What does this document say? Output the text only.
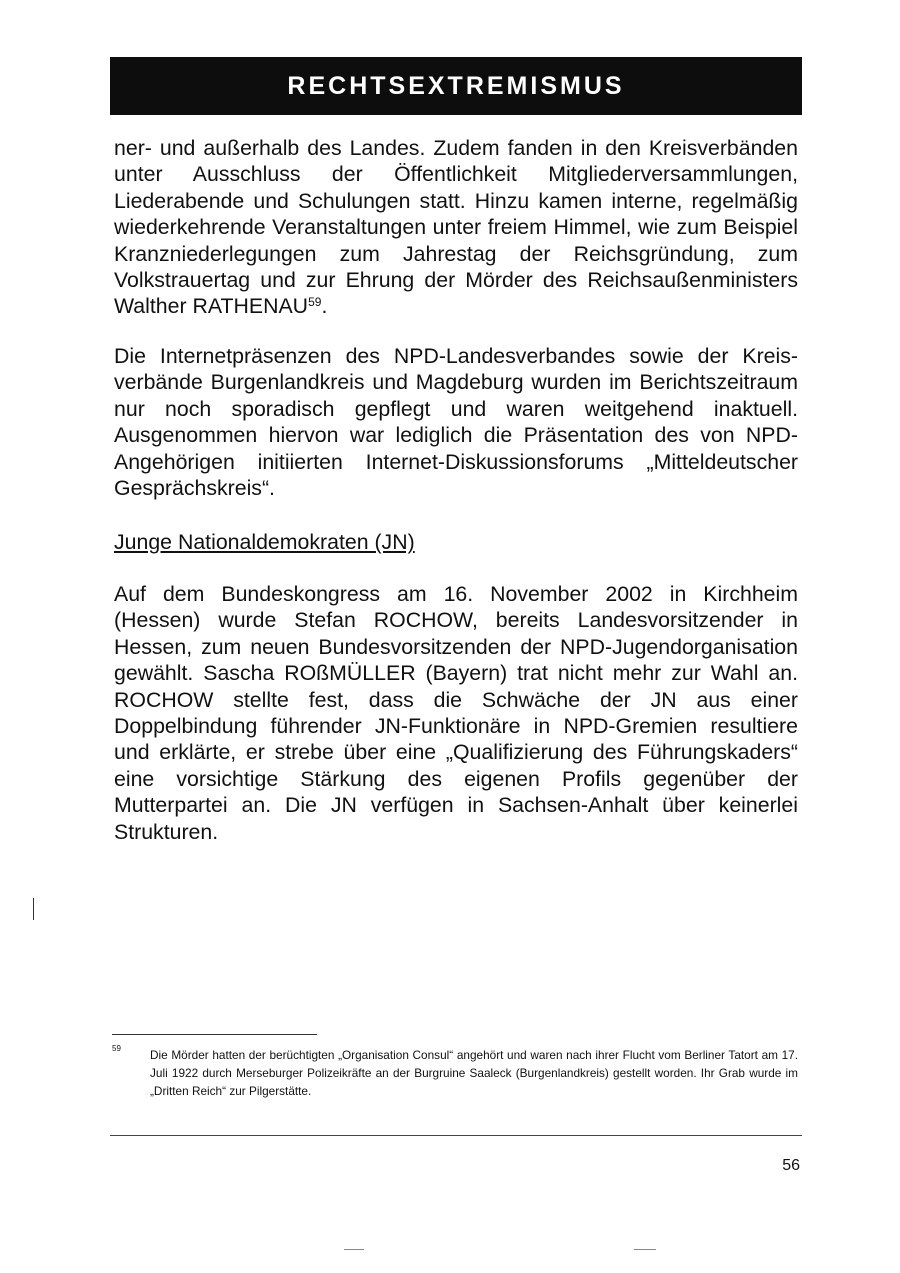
RECHTSEXTREMISMUS

ner- und außerhalb des Landes. Zudem fanden in den Kreisverbänden unter Ausschluss der Öffentlichkeit Mitgliederversammlungen, Liederabende und Schulungen statt. Hinzu kamen interne, regelmäßig wiederkehrende Veranstaltungen unter freiem Himmel, wie zum Beispiel Kranzniederlegungen zum Jahrestag der Reichsgründung, zum Volkstrauertag und zur Ehrung der Mörder des Reichsaußenministers Walther RATHENAU$^{59}$.

Die Internetpräsenzen des NPD-Landesverbandes sowie der Kreisverbände Burgenlandkreis und Magdeburg wurden im Berichtszeitraum nur noch sporadisch gepflegt und waren weitgehend inaktuell. Ausgenommen hiervon war lediglich die Präsentation des von NPD-Angehörigen initiierten Internet-Diskussionsforums „Mitteldeutscher Gesprächskreis“.

Junge Nationaldemokraten (JN)

Auf dem Bundeskongress am 16. November 2002 in Kirchheim (Hessen) wurde Stefan ROCHOW, bereits Landesvorsitzender in Hessen, zum neuen Bundesvorsitzenden der NPD-Jugendorganisation gewählt. Sascha ROßMÜLLER (Bayern) trat nicht mehr zur Wahl an. ROCHOW stellte fest, dass die Schwäche der JN aus einer Doppelbindung führender JN-Funktionäre in NPD-Gremien resultiere und erklärte, er strebe über eine „Qualifizierung des Führungskaders“ eine vorsichtige Stärkung des eigenen Profils gegenüber der Mutterpartei an. Die JN verfügen in Sachsen-Anhalt über keinerlei Strukturen.

59 Die Mörder hatten der berüchtigten „Organisation Consul“ angehört und waren nach ihrer Flucht vom Berliner Tatort am 17. Juli 1922 durch Merseburger Polizeikräfte an der Burgruine Saaleck (Burgenlandkreis) gestellt worden. Ihr Grab wurde im „Dritten Reich“ zur Pilgerstätte.

56
